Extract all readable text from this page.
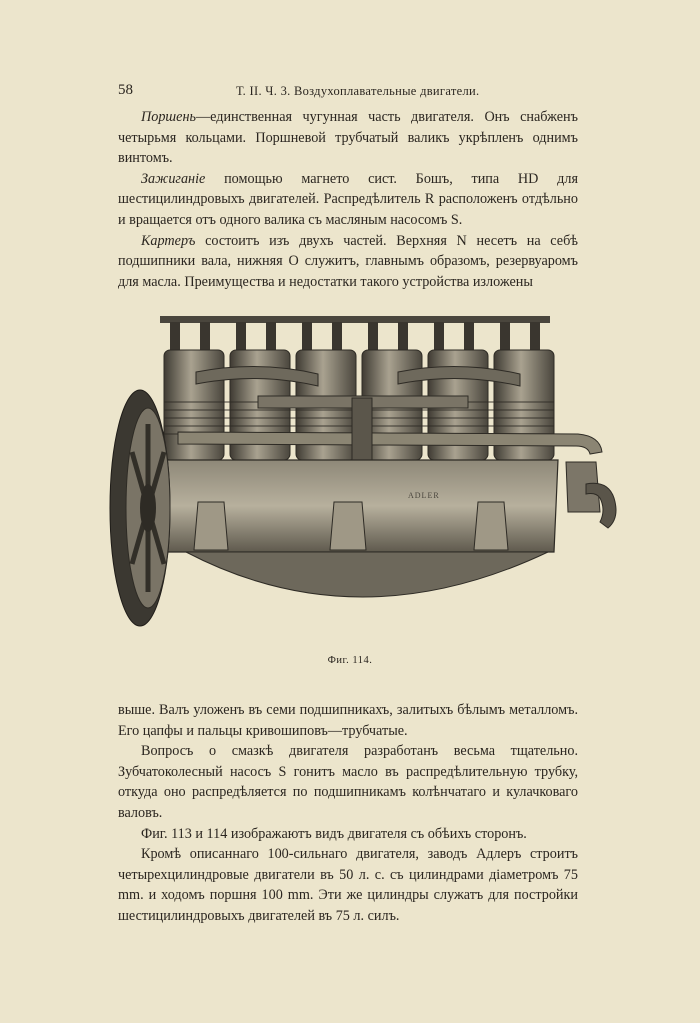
58	Т. II. Ч. 3. Воздухоплавательные двигатели.

Поршень—единственная чугунная часть двигателя. Онъ снабженъ четырьмя кольцами. Поршневой трубчатый валикъ укрѣпленъ однимъ винтомъ.

Зажиганіе помощью магнето сист. Бошъ, типа HD для шестицилиндровыхъ двигателей. Распредѣлитель R расположенъ отдѣльно и вращается отъ одного валика съ масляным насосомъ S.

Картеръ состоитъ изъ двухъ частей. Верхняя N несетъ на себѣ подшипники вала, нижняя O служитъ, главнымъ образомъ, резервуаромъ для масла. Преимущества и недостатки такого устройства изложены

ADLER
Фиг. 114.

выше. Валъ уложенъ въ семи подшипникахъ, залитыхъ бѣлымъ металломъ. Его цапфы и пальцы кривошиповъ—трубчатые.

Вопросъ о смазкѣ двигателя разработанъ весьма тщательно. Зубчатоколесный насосъ S гонитъ масло въ распредѣлительную трубку, откуда оно распредѣляется по подшипникамъ колѣнчатаго и кулачковаго валовъ.

Фиг. 113 и 114 изображаютъ видъ двигателя съ обѣихъ сторонъ.

Кромѣ описаннаго 100-сильнаго двигателя, заводъ Адлеръ строитъ четырехцилиндровые двигатели въ 50 л. с. съ цилиндрами діаметромъ 75 mm. и ходомъ поршня 100 mm. Эти же цилиндры служатъ для постройки шестицилиндровыхъ двигателей въ 75 л. силъ.
